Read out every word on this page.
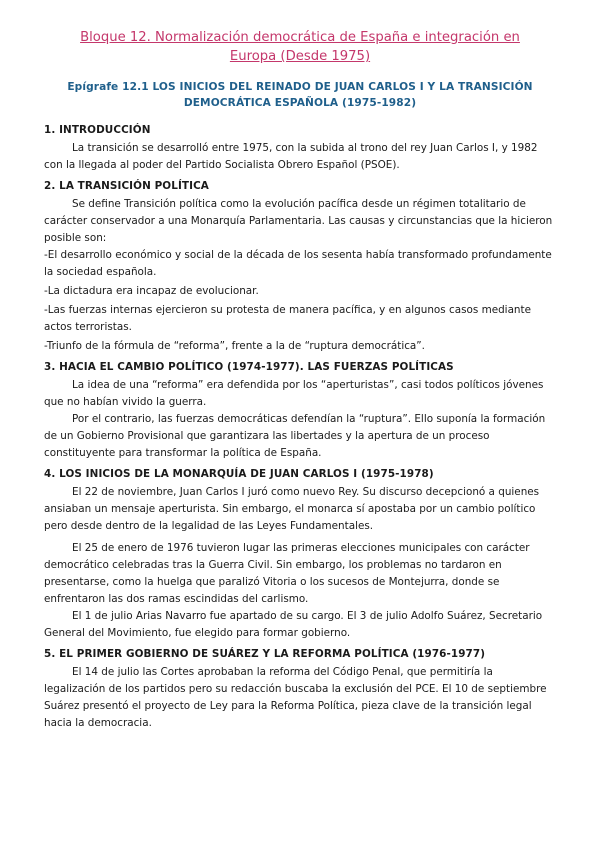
Bloque 12. Normalización democrática de España e integración en
Europa (Desde 1975)
Epígrafe 12.1 LOS INICIOS DEL REINADO DE JUAN CARLOS I Y LA TRANSICIÓN
DEMOCRÁTICA ESPAÑOLA (1975-1982)
1. INTRODUCCIÓN

La transición se desarrolló entre 1975, con la subida al trono del rey Juan Carlos I, y 1982 con la llegada al poder del Partido Socialista Obrero Español (PSOE).

2. LA TRANSICIÓN POLÍTICA

Se define Transición política como la evolución pacífica desde un régimen totalitario de carácter conservador a una Monarquía Parlamentaria. Las causas y circunstancias que la hicieron posible son:

-El desarrollo económico y social de la década de los sesenta había transformado profundamente la sociedad española.

-La dictadura era incapaz de evolucionar.

-Las fuerzas internas ejercieron su protesta de manera pacífica, y en algunos casos mediante actos terroristas.

-Triunfo de la fórmula de “reforma”, frente a la de “ruptura democrática”.

3. HACIA EL CAMBIO POLÍTICO (1974-1977). LAS FUERZAS POLÍTICAS

La idea de una “reforma” era defendida por los “aperturistas”, casi todos políticos jóvenes que no habían vivido la guerra.

Por el contrario, las fuerzas democráticas defendían la “ruptura”. Ello suponía la formación de un Gobierno Provisional que garantizara las libertades y la apertura de un proceso constituyente para transformar la política de España.

4. LOS INICIOS DE LA MONARQUÍA DE JUAN CARLOS I (1975-1978)

El 22 de noviembre, Juan Carlos I juró como nuevo Rey. Su discurso decepcionó a quienes ansiaban un mensaje aperturista. Sin embargo, el monarca sí apostaba por un cambio político pero desde dentro de la legalidad de las Leyes Fundamentales.

El 25 de enero de 1976 tuvieron lugar las primeras elecciones municipales con carácter democrático celebradas tras la Guerra Civil. Sin embargo, los problemas no tardaron en presentarse, como la huelga que paralizó Vitoria o los sucesos de Montejurra, donde se enfrentaron las dos ramas escindidas del carlismo.

El 1 de julio Arias Navarro fue apartado de su cargo. El 3 de julio Adolfo Suárez, Secretario General del Movimiento, fue elegido para formar gobierno.

5. EL PRIMER GOBIERNO DE SUÁREZ Y LA REFORMA POLÍTICA (1976-1977)

El 14 de julio las Cortes aprobaban la reforma del Código Penal, que permitiría la legalización de los partidos pero su redacción buscaba la exclusión del PCE. El 10 de septiembre Suárez presentó el proyecto de Ley para la Reforma Política, pieza clave de la transición legal hacia la democracia.
